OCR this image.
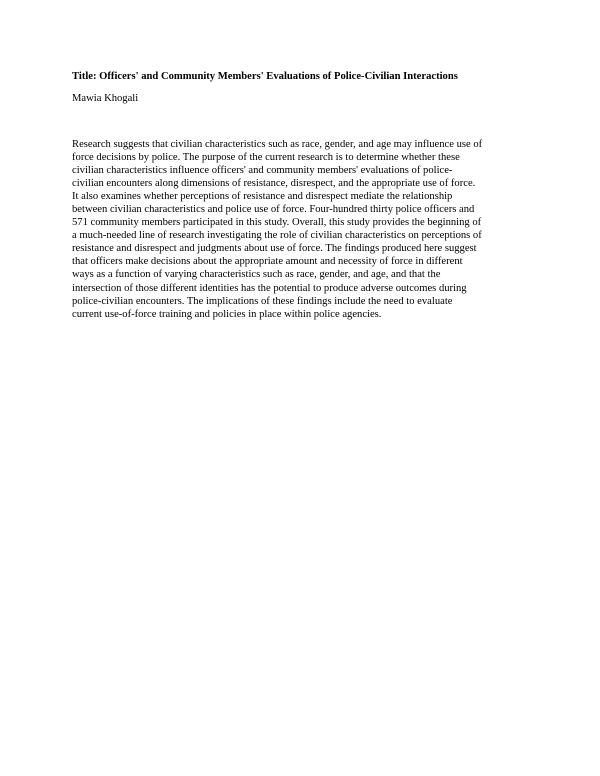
Title: Officers' and Community Members' Evaluations of Police-Civilian Interactions
Mawia Khogali
Research suggests that civilian characteristics such as race, gender, and age may influence use of
force decisions by police. The purpose of the current research is to determine whether these
civilian characteristics influence officers' and community members' evaluations of police-
civilian encounters along dimensions of resistance, disrespect, and the appropriate use of force.
It also examines whether perceptions of resistance and disrespect mediate the relationship
between civilian characteristics and police use of force. Four-hundred thirty police officers and
571 community members participated in this study. Overall, this study provides the beginning of
a much-needed line of research investigating the role of civilian characteristics on perceptions of
resistance and disrespect and judgments about use of force. The findings produced here suggest
that officers make decisions about the appropriate amount and necessity of force in different
ways as a function of varying characteristics such as race, gender, and age, and that the
intersection of those different identities has the potential to produce adverse outcomes during
police-civilian encounters. The implications of these findings include the need to evaluate
current use-of-force training and policies in place within police agencies.
